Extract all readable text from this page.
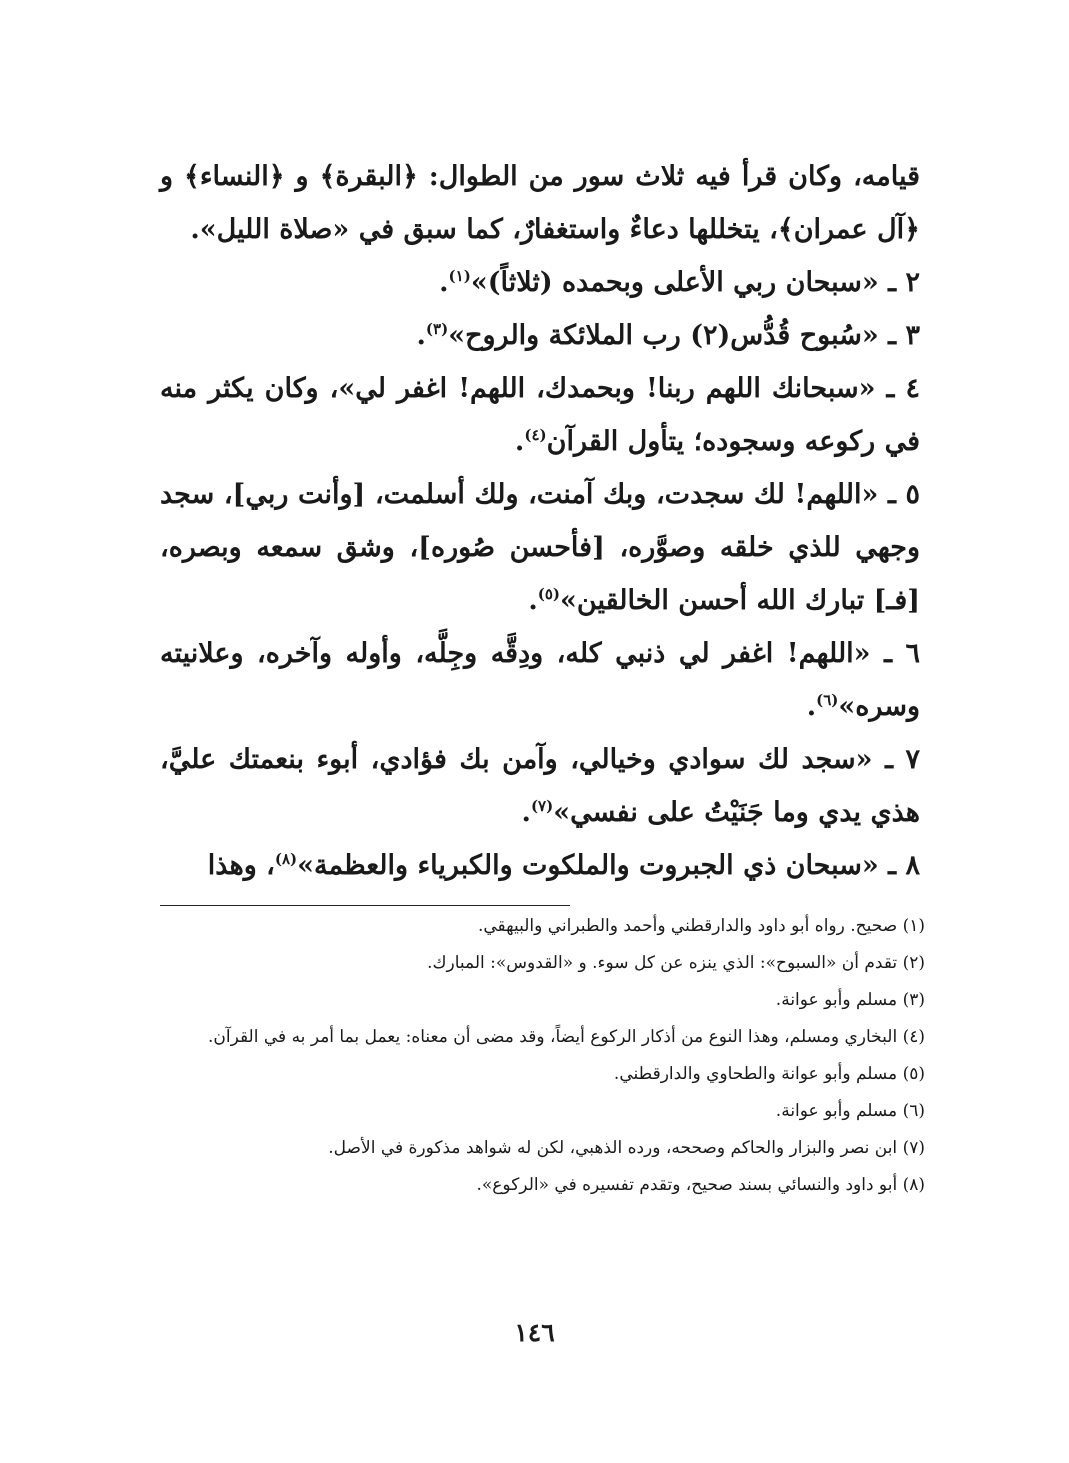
قيامه، وكان قرأ فيه ثلاث سور من الطوال: ﴿البقرة﴾ و ﴿النساء﴾ و ﴿آل عمران﴾، يتخللها دعاءٌ واستغفارٌ، كما سبق في «صلاة الليل».

٢ ـ «سبحان ربي الأعلى وبحمده (ثلاثاً)»$^{(١)}$.

٣ ـ «سُبوح قُدُّس(٢) رب الملائكة والروح»$^{(٣)}$.

٤ ـ «سبحانك اللهم ربنا! وبحمدك، اللهم! اغفر لي»، وكان يكثر منه في ركوعه وسجوده؛ يتأول القرآن$^{(٤)}$.

٥ ـ «اللهم! لك سجدت، وبك آمنت، ولك أسلمت، [وأنت ربي]، سجد وجهي للذي خلقه وصوَّره، [فأحسن صُوره]، وشق سمعه وبصره، [فـ] تبارك الله أحسن الخالقين»$^{(٥)}$.

٦ ـ «اللهم! اغفر لي ذنبي كله، ودِقَّه وجِلَّه، وأوله وآخره، وعلانيته وسره»$^{(٦)}$.

٧ ـ «سجد لك سوادي وخيالي، وآمن بك فؤادي، أبوء بنعمتك عليَّ، هذي يدي وما جَنَيْتُ على نفسي»$^{(٧)}$.

٨ ـ «سبحان ذي الجبروت والملكوت والكبرياء والعظمة»$^{(٨)}$، وهذا

(١) صحيح. رواه أبو داود والدارقطني وأحمد والطبراني والبيهقي.

(٢) تقدم أن «السبوح»: الذي ينزه عن كل سوء. و «القدوس»: المبارك.

(٣) مسلم وأبو عوانة.

(٤) البخاري ومسلم، وهذا النوع من أذكار الركوع أيضاً، وقد مضى أن معناه: يعمل بما أمر به في القرآن.

(٥) مسلم وأبو عوانة والطحاوي والدارقطني.

(٦) مسلم وأبو عوانة.

(٧) ابن نصر والبزار والحاكم وصححه، ورده الذهبي، لكن له شواهد مذكورة في الأصل.

(٨) أبو داود والنسائي بسند صحيح، وتقدم تفسيره في «الركوع».

١٤٦
